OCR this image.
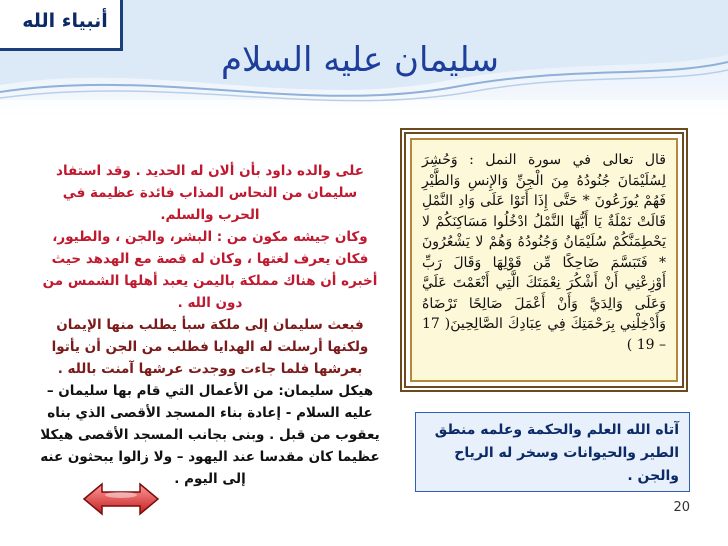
أنبياء الله
سليمان عليه السلام
قال تعالى في سورة النمل : وَحُشِرَ لِسُلَيْمَانَ جُنُودُهُ مِنَ الْجِنِّ وَالإِنسِ وَالطَّيْرِ فَهُمْ يُوزَعُونَ * حَتَّى إِذَا أَتَوْا عَلَى وَادِ النَّمْلِ قَالَتْ نَمْلَةٌ يَا أَيُّهَا النَّمْلُ ادْخُلُوا مَسَاكِنَكُمْ لا يَحْطِمَنَّكُمْ سُلَيْمَانُ وَجُنُودُهُ وَهُمْ لا يَشْعُرُونَ * فَتَبَسَّمَ ضَاحِكًا مِّن قَوْلِهَا وَقَالَ رَبِّ أَوْزِعْنِي أَنْ أَشْكُرَ نِعْمَتَكَ الَّتِي أَنْعَمْتَ عَلَيَّ وَعَلَى وَالِدَيَّ وَأَنْ أَعْمَلَ صَالِحًا تَرْضَاهُ وَأَدْخِلْنِي بِرَحْمَتِكَ فِي عِبَادِكَ الصَّالِحِينَ( 17 – 19 )
على والده داود بأن ألان له الحديد . وقد استفاد سليمان من النحاس المذاب فائدة عظيمة في الحرب والسلم.
وكان جيشه مكون من : البشر، والجن ، والطيور، فكان يعرف لغتها ، وكان له قصة مع الهدهد حيث أخبره أن هناك مملكة باليمن يعبد أهلها الشمس من دون الله .
فبعث سليمان إلى ملكة سبأ يطلب منها الإيمان ولكنها أرسلت له الهدايا فطلب من الجن أن يأتوا بعرشها فلما جاءت ووجدت عرشها آمنت بالله .
هيكل سليمان: من الأعمال التي قام بها سليمان – عليه السلام - إعادة بناء المسجد الأقصى الذي بناه يعقوب من قبل . وبنى بجانب المسجد الأقصى هيكلا عظيما كان مقدسا عند اليهود – ولا زالوا يبحثون عنه إلى اليوم .
آتاه الله العلم والحكمة وعلمه منطق الطير والحيوانات وسخر له الرياح والجن .
20
